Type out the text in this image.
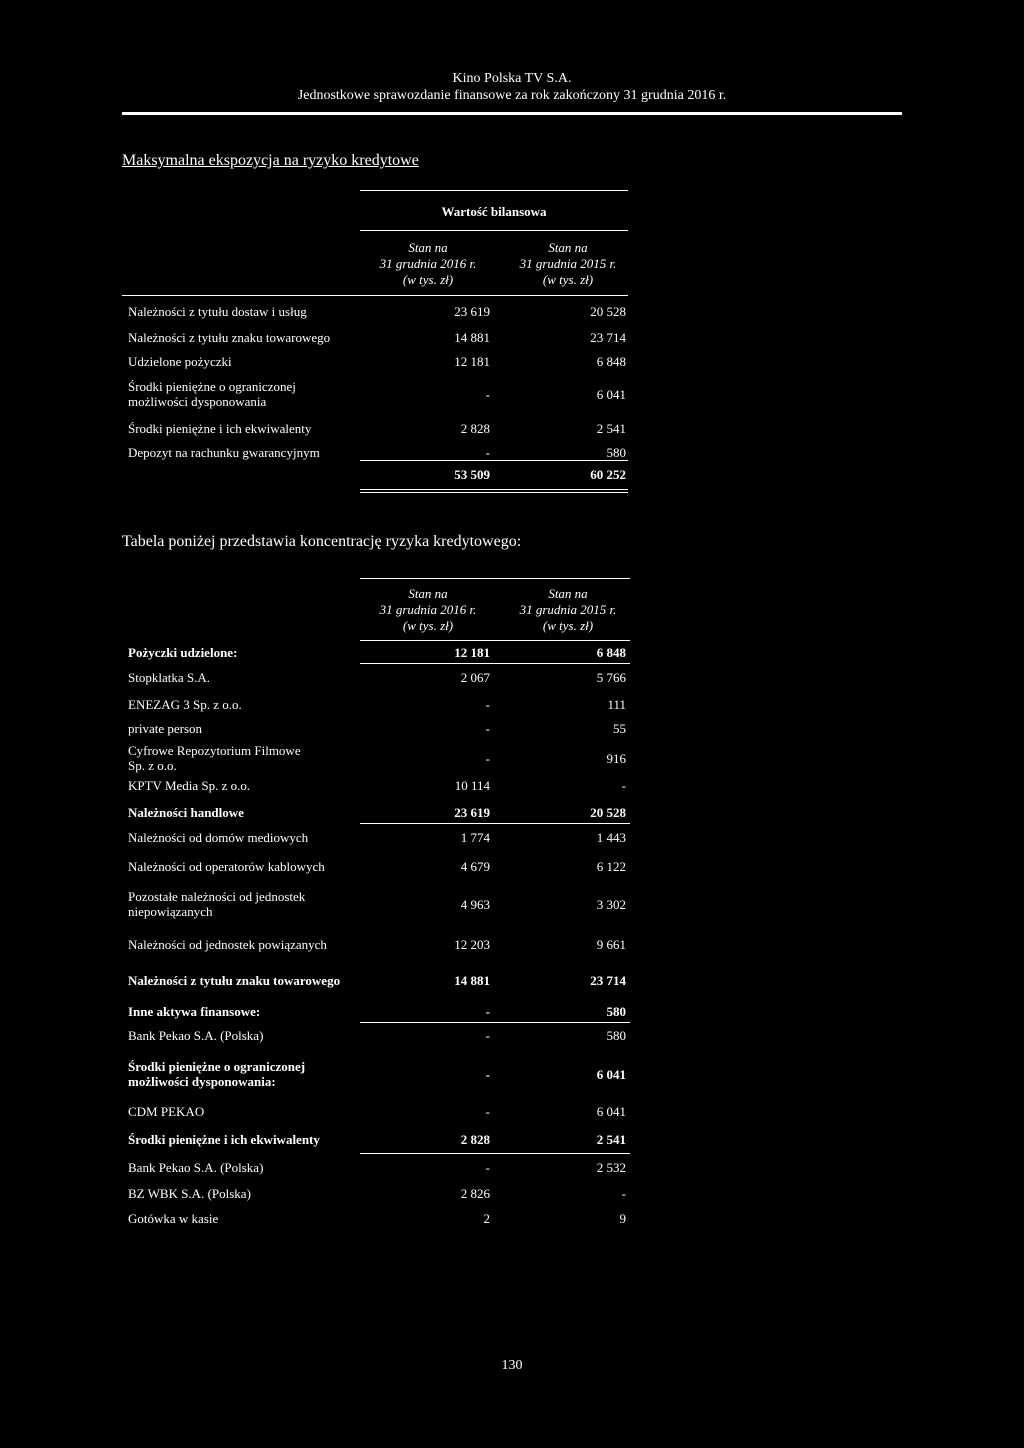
Kino Polska TV S.A.
Jednostkowe sprawozdanie finansowe za rok zakończony 31 grudnia 2016 r.
Maksymalna ekspozycja na ryzyko kredytowe
Wartość bilansowa
Stan na
31 grudnia 2016 r.
(w tys. zł)
Stan na
31 grudnia 2015 r.
(w tys. zł)
Należności z tytułu dostaw i usług	23 619	20 528
Należności z tytułu znaku towarowego	14 881	23 714
Udzielone pożyczki	12 181	6 848
Środki pieniężne o ograniczonej
możliwości dysponowania	-	6 041
Środki pieniężne i ich ekwiwalenty	2 828	2 541
Depozyt na rachunku gwarancyjnym	-	580
53 509	60 252
Tabela poniżej przedstawia koncentrację ryzyka kredytowego:
Stan na
31 grudnia 2016 r.
(w tys. zł)
Stan na
31 grudnia 2015 r.
(w tys. zł)
Pożyczki udzielone:	12 181	6 848
Stopklatka S.A.	2 067	5 766
ENEZAG 3 Sp. z o.o.	-	111
private person	-	55
Cyfrowe Repozytorium Filmowe
Sp. z o.o.	-	916
KPTV Media Sp. z o.o.	10 114	-
Należności handlowe	23 619	20 528
Należności od domów mediowych	1 774	1 443
Należności od operatorów kablowych	4 679	6 122
Pozostałe należności od jednostek
niepowiązanych	4 963	3 302
Należności od jednostek powiązanych	12 203	9 661
Należności z tytułu znaku towarowego	14 881	23 714
Inne aktywa finansowe:	-	580
Bank Pekao S.A. (Polska)	-	580
Środki pieniężne o ograniczonej
możliwości dysponowania:	-	6 041
CDM PEKAO	-	6 041
Środki pieniężne i ich ekwiwalenty	2 828	2 541
Bank Pekao S.A. (Polska)	-	2 532
BZ WBK S.A. (Polska)	2 826	-
Gotówka w kasie	2	9
130
